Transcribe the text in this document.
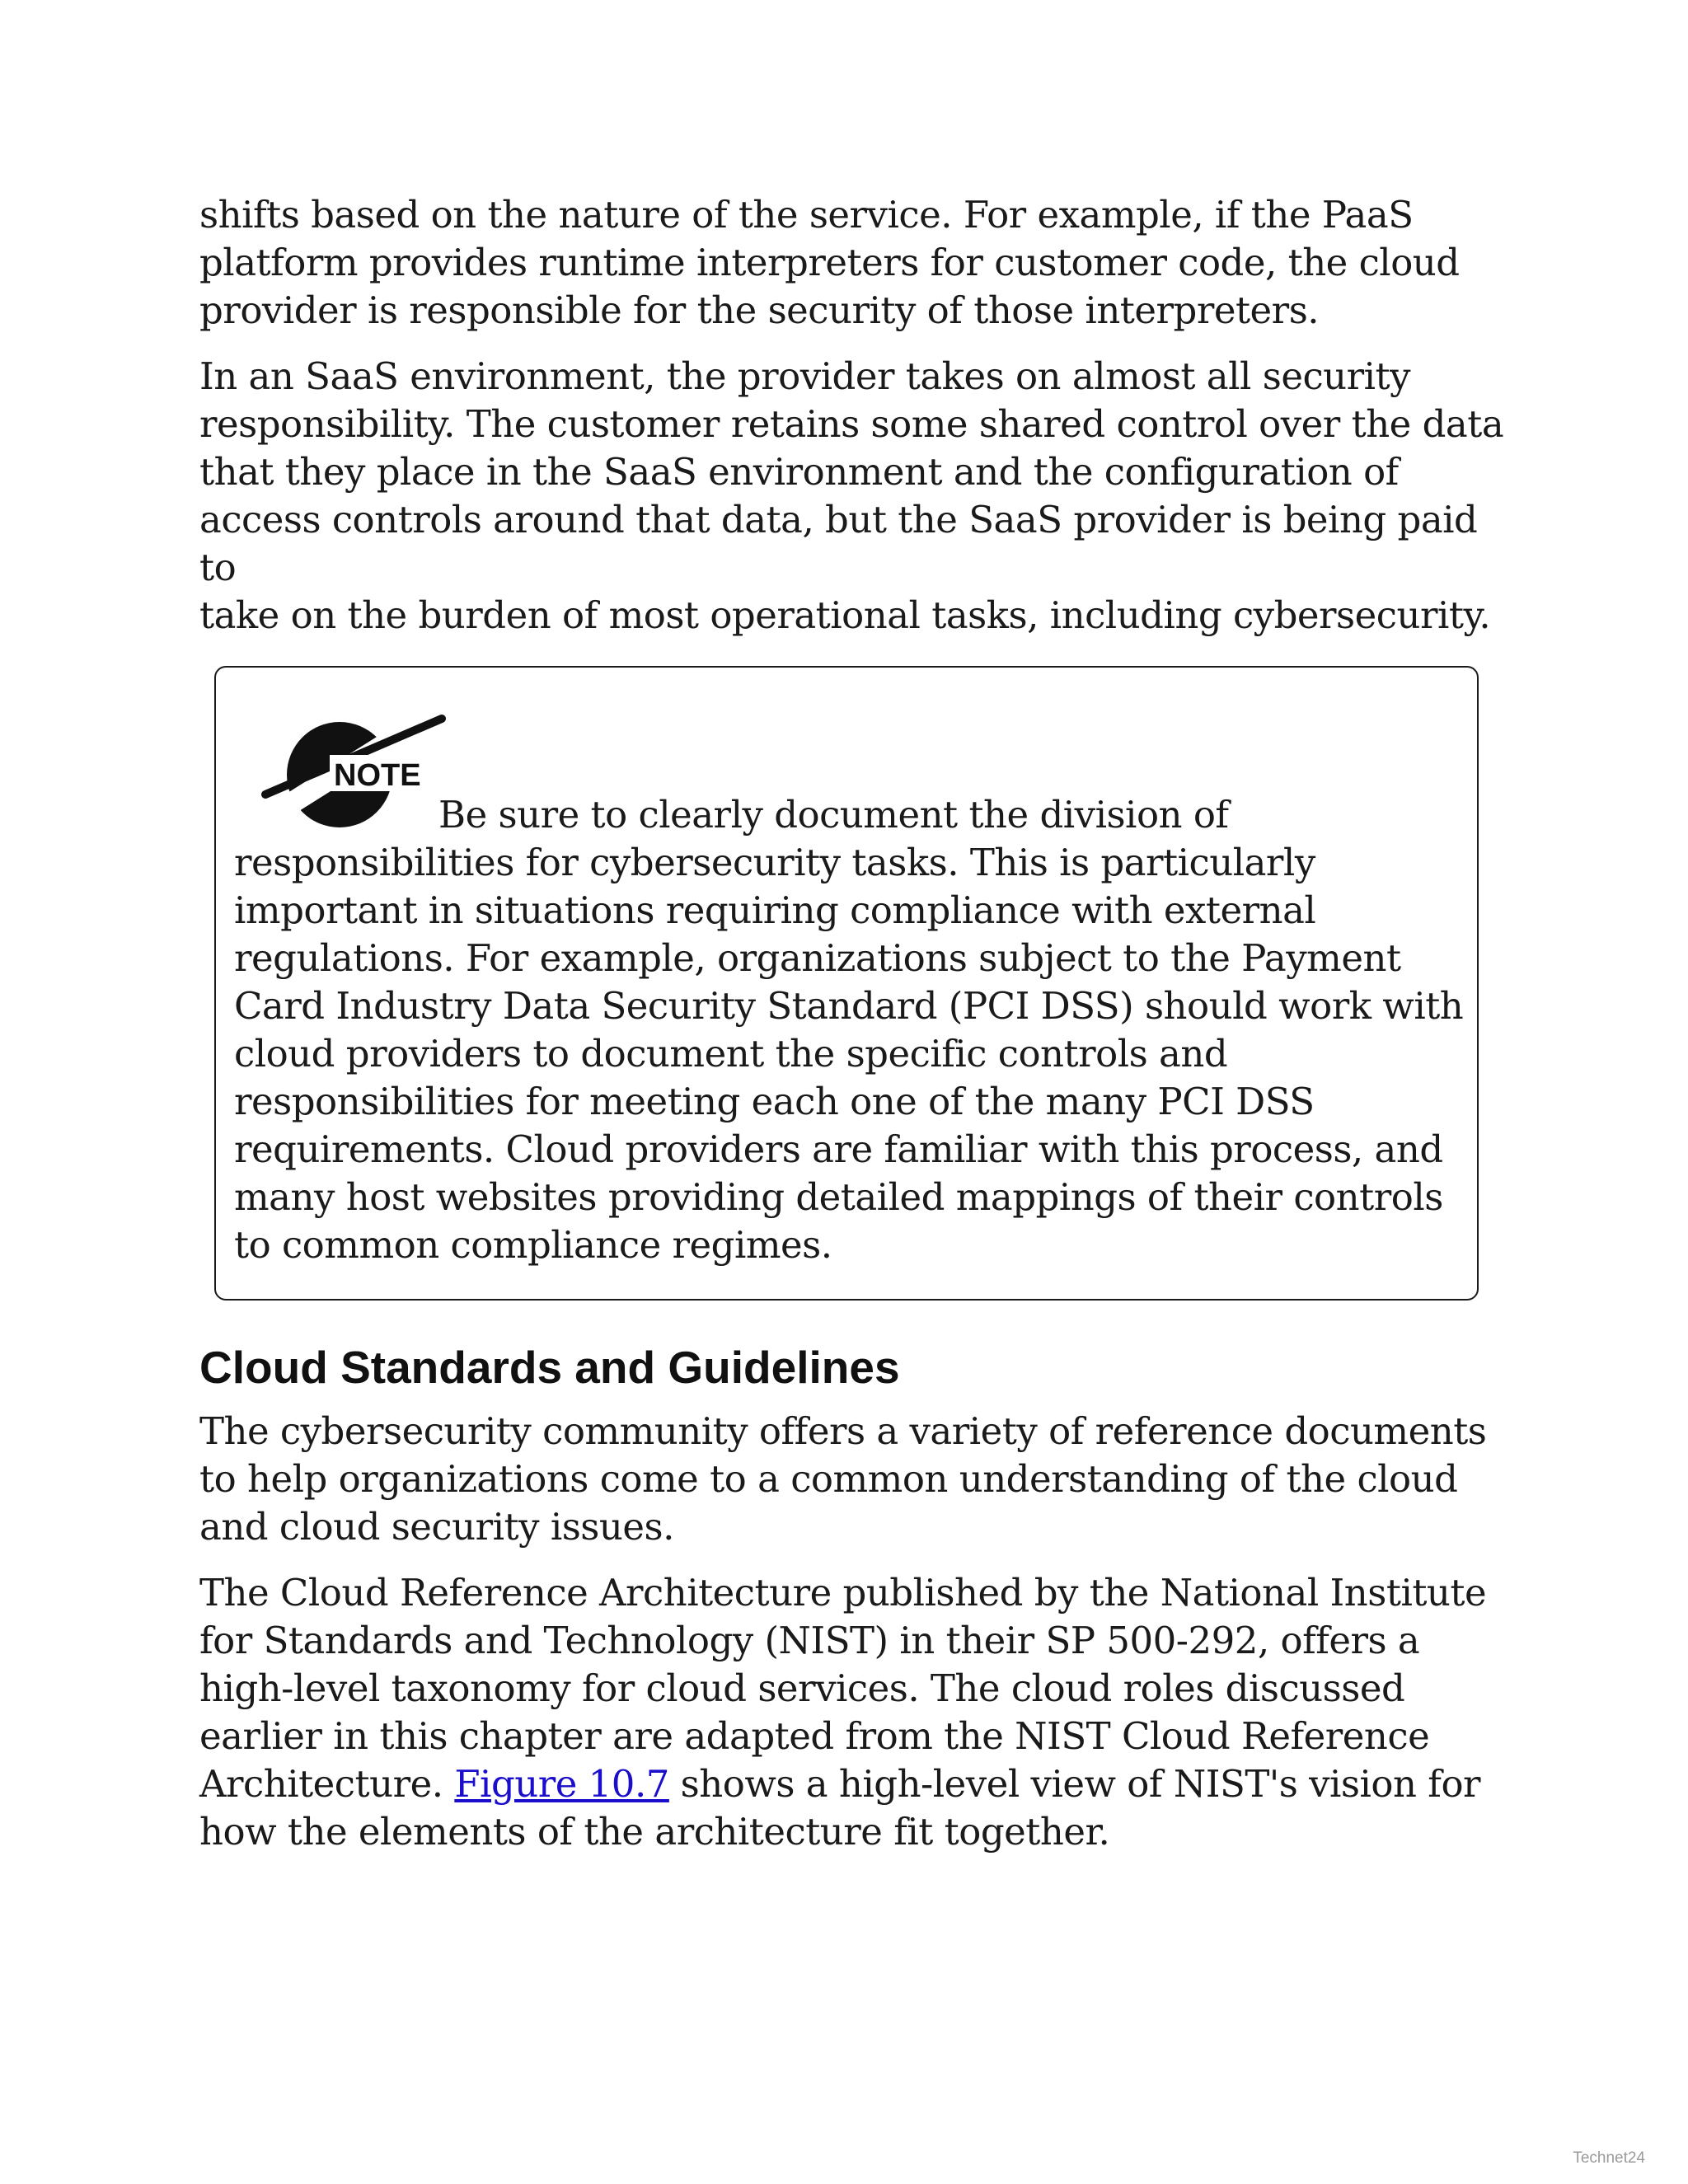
shifts based on the nature of the service. For example, if the PaaS
platform provides runtime interpreters for customer code, the cloud
provider is responsible for the security of those interpreters.

In an SaaS environment, the provider takes on almost all security
responsibility. The customer retains some shared control over the data
that they place in the SaaS environment and the configuration of
access controls around that data, but the SaaS provider is being paid to
take on the burden of most operational tasks, including cybersecurity.

NOTE

Be sure to clearly document the division of
responsibilities for cybersecurity tasks. This is particularly
important in situations requiring compliance with external
regulations. For example, organizations subject to the Payment
Card Industry Data Security Standard (PCI DSS) should work with
cloud providers to document the specific controls and
responsibilities for meeting each one of the many PCI DSS
requirements. Cloud providers are familiar with this process, and
many host websites providing detailed mappings of their controls
to common compliance regimes.

Cloud Standards and Guidelines

The cybersecurity community offers a variety of reference documents
to help organizations come to a common understanding of the cloud
and cloud security issues.

The Cloud Reference Architecture published by the National Institute
for Standards and Technology (NIST) in their SP 500-292, offers a
high-level taxonomy for cloud services. The cloud roles discussed
earlier in this chapter are adapted from the NIST Cloud Reference
Architecture. Figure 10.7 shows a high-level view of NIST's vision for
how the elements of the architecture fit together.

Technet24
